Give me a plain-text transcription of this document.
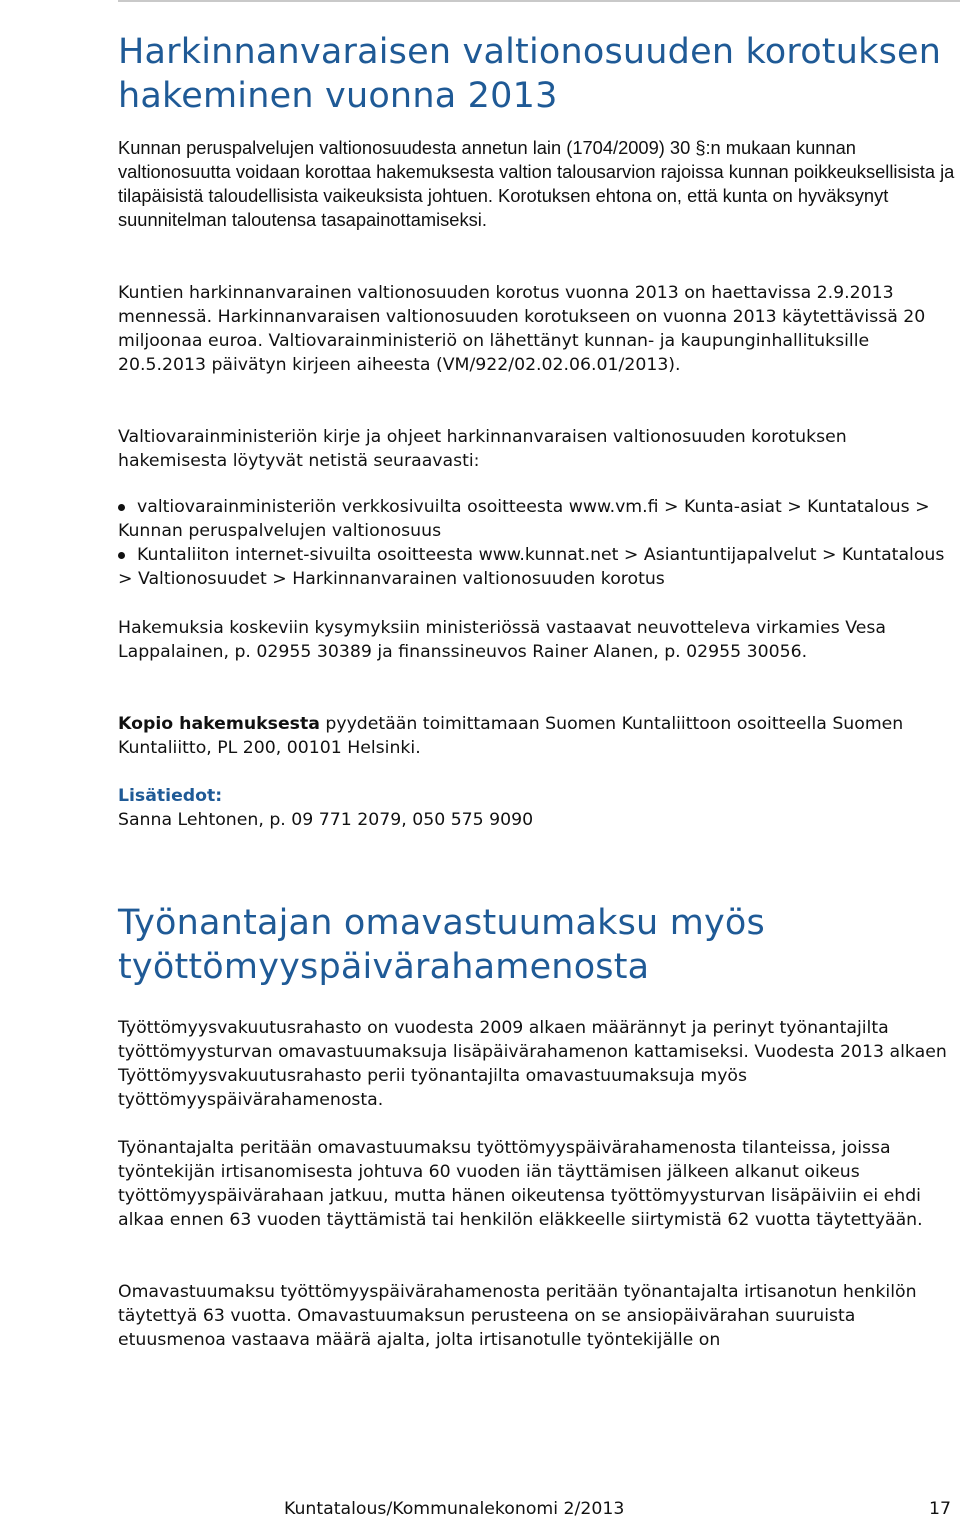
Harkinnanvaraisen valtionosuuden korotuksen hakeminen vuonna 2013

Kunnan peruspalvelujen valtionosuudesta annetun lain (1704/2009) 30 §:n mukaan kunnan valtionosuutta voidaan korottaa hakemuksesta valtion talousarvion rajoissa kunnan poikkeuksellisista ja tilapäisistä taloudellisista vaikeuksista johtuen. Korotuksen ehtona on, että kunta on hyväksynyt suunnitelman taloutensa tasapainottamiseksi.

Kuntien harkinnanvarainen valtionosuuden korotus vuonna 2013 on haettavissa 2.9.2013 mennessä. Harkinnanvaraisen valtionosuuden korotukseen on vuonna 2013 käytettävissä 20 miljoonaa euroa. Valtiovarainministeriö on lähettänyt kunnan- ja kaupunginhallituksille 20.5.2013 päivätyn kirjeen aiheesta (VM/922/02.02.06.01/2013).

Valtiovarainministeriön kirje ja ohjeet harkinnanvaraisen valtionosuuden korotuksen hakemisesta löytyvät netistä seuraavasti:

valtiovarainministeriön verkkosivuilta osoitteesta www.vm.fi > Kunta-asiat > Kuntatalous > Kunnan peruspalvelujen valtionosuus
Kuntaliiton internet-sivuilta osoitteesta www.kunnat.net > Asiantuntijapalvelut > Kuntatalous > Valtionosuudet > Harkinnanvarainen valtionosuuden korotus

Hakemuksia koskeviin kysymyksiin ministeriössä vastaavat neuvotteleva virkamies Vesa Lappalainen, p. 02955 30389 ja finanssineuvos Rainer Alanen, p. 02955 30056.

Kopio hakemuksesta pyydetään toimittamaan Suomen Kuntaliittoon osoitteella Suomen Kuntaliitto, PL 200, 00101 Helsinki.

Lisätiedot:

Sanna Lehtonen, p. 09 771 2079, 050 575 9090

Työnantajan omavastuumaksu myös työttömyyspäivärahamenosta

Työttömyysvakuutusrahasto on vuodesta 2009 alkaen määrännyt ja perinyt työnantajilta työttömyysturvan omavastuumaksuja lisäpäivärahamenon kattamiseksi. Vuodesta 2013 alkaen Työttömyysvakuutusrahasto perii työnantajilta omavastuumaksuja myös työttömyyspäivärahamenosta.

Työnantajalta peritään omavastuumaksu työttömyyspäivärahamenosta tilanteissa, joissa työntekijän irtisanomisesta johtuva 60 vuoden iän täyttämisen jälkeen alkanut oikeus työttömyyspäivärahaan jatkuu, mutta hänen oikeutensa työttömyysturvan lisäpäiviin ei ehdi alkaa ennen 63 vuoden täyttämistä tai henkilön eläkkeelle siirtymistä 62 vuotta täytettyään.

Omavastuumaksu työttömyyspäivärahamenosta peritään työnantajalta irtisanotun henkilön täytettyä 63 vuotta. Omavastuumaksun perusteena on se ansiopäivärahan suuruista etuusmenoa vastaava määrä ajalta, jolta irtisanotulle työntekijälle on

Kuntatalous/Kommunalekonomi 2/2013	17
